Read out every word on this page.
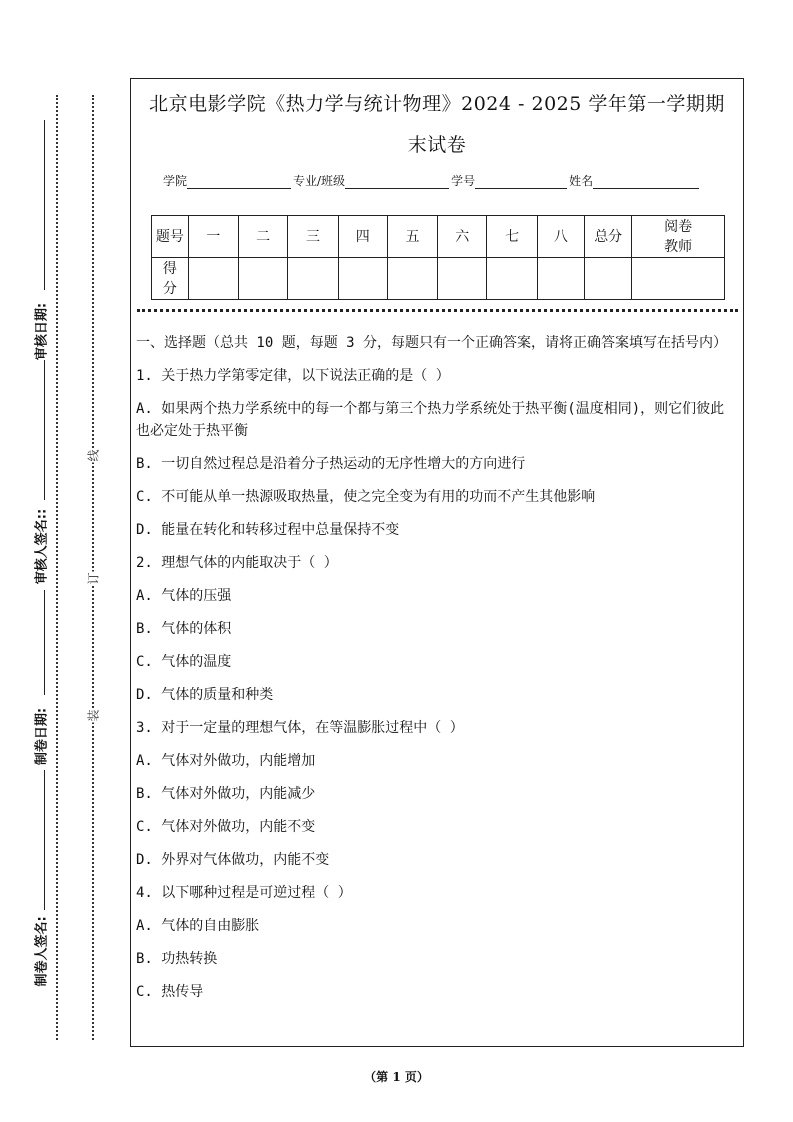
审核日期:
审核人签名::
制卷日期:
制卷人签名:
线
订
装
北京电影学院《热力学与统计物理》2024 - 2025 学年第一学期期
末试卷
学院	专业/班级	学号	姓名
题号	一	二	三	四	五	六	七	八	总分	阅卷教师
得分										

一、选择题（总共 10 题，每题 3 分，每题只有一个正确答案，请将正确答案填写在括号内）

1. 关于热力学第零定律，以下说法正确的是（ ）

A. 如果两个热力学系统中的每一个都与第三个热力学系统处于热平衡(温度相同)，则它们彼此也必定处于热平衡

B. 一切自然过程总是沿着分子热运动的无序性增大的方向进行

C. 不可能从单一热源吸取热量，使之完全变为有用的功而不产生其他影响

D. 能量在转化和转移过程中总量保持不变

2. 理想气体的内能取决于（ ）

A. 气体的压强

B. 气体的体积

C. 气体的温度

D. 气体的质量和种类

3. 对于一定量的理想气体，在等温膨胀过程中（ ）

A. 气体对外做功，内能增加

B. 气体对外做功，内能减少

C. 气体对外做功，内能不变

D. 外界对气体做功，内能不变

4. 以下哪种过程是可逆过程（ ）

A. 气体的自由膨胀

B. 功热转换

C. 热传导

（第 1 页）
